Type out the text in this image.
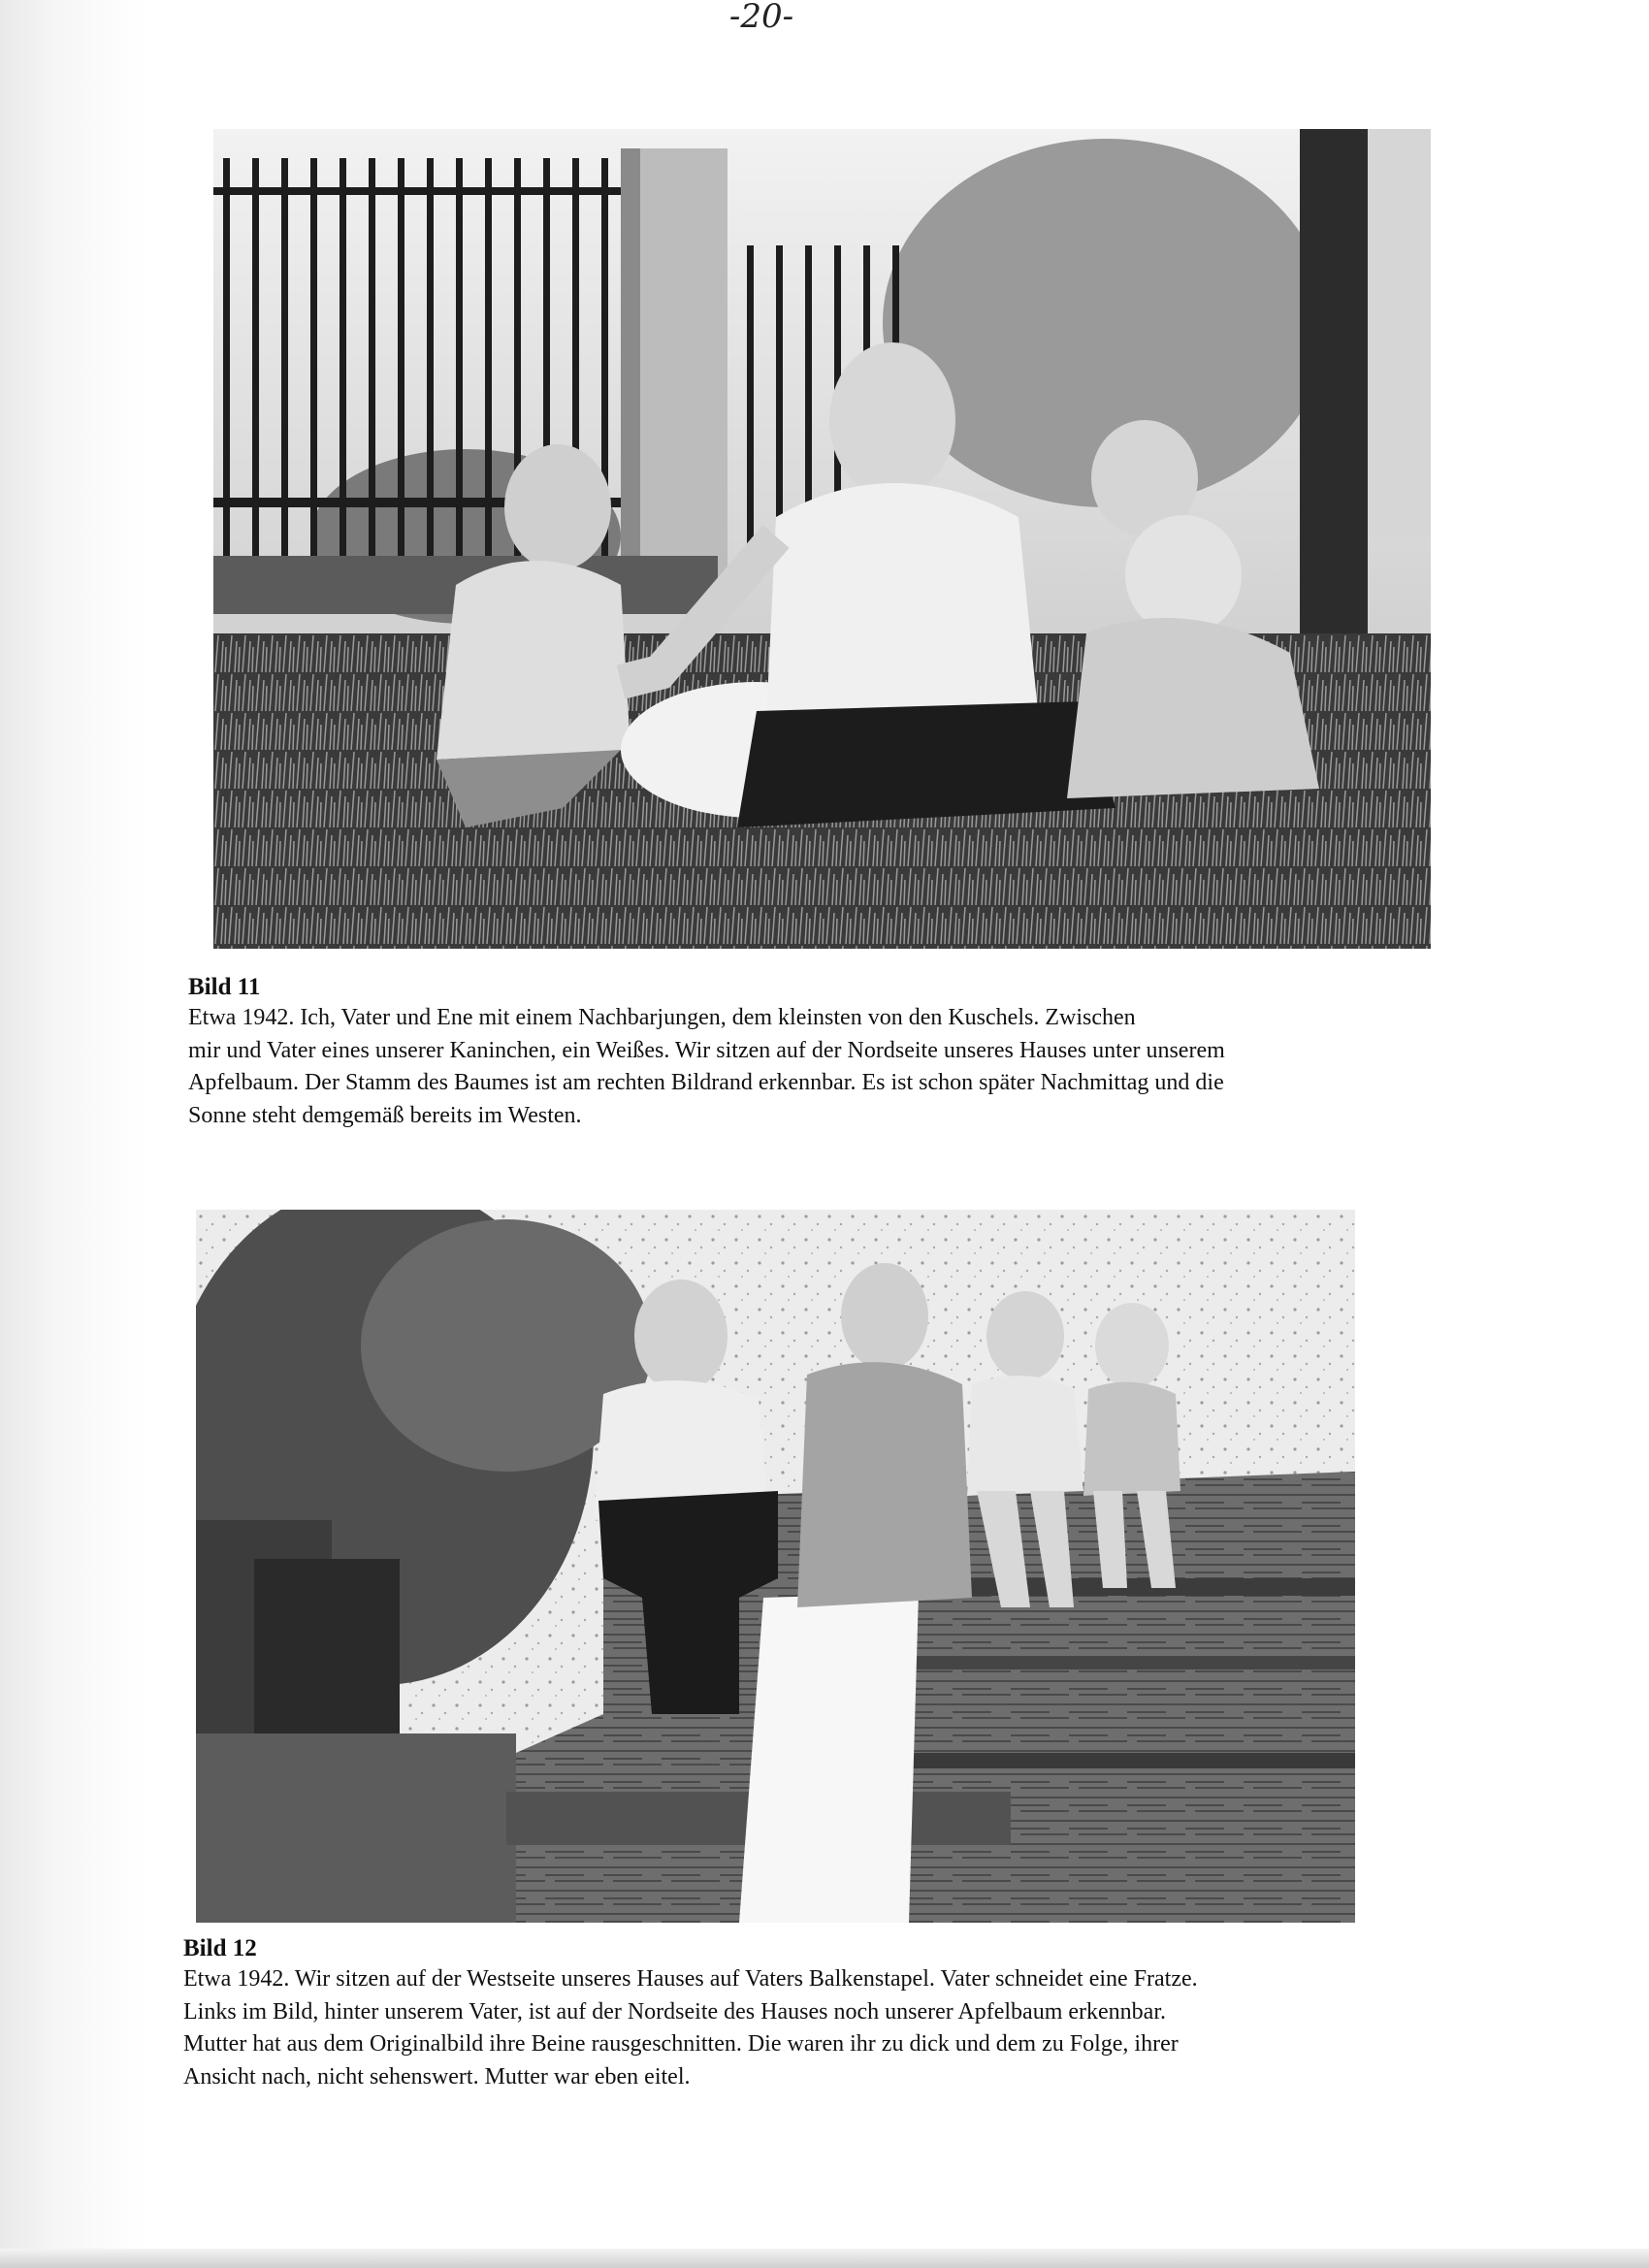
-20-
Bild 11
Etwa 1942. Ich, Vater und Ene mit einem Nachbarjungen, dem kleinsten von den Kuschels. Zwischen
mir und Vater eines unserer Kaninchen, ein Weißes. Wir sitzen auf der Nordseite unseres Hauses unter unserem
Apfelbaum. Der Stamm des Baumes ist am rechten Bildrand erkennbar. Es ist schon später Nachmittag und die
Sonne steht demgemäß bereits im Westen.
Bild 12
Etwa 1942. Wir sitzen auf der Westseite unseres Hauses auf Vaters Balkenstapel. Vater schneidet eine Fratze.
Links im Bild, hinter unserem Vater, ist auf der Nordseite des Hauses noch unserer Apfelbaum erkennbar.
Mutter hat aus dem Originalbild ihre Beine rausgeschnitten. Die waren ihr zu dick und dem zu Folge, ihrer
Ansicht nach, nicht sehenswert. Mutter war eben eitel.
